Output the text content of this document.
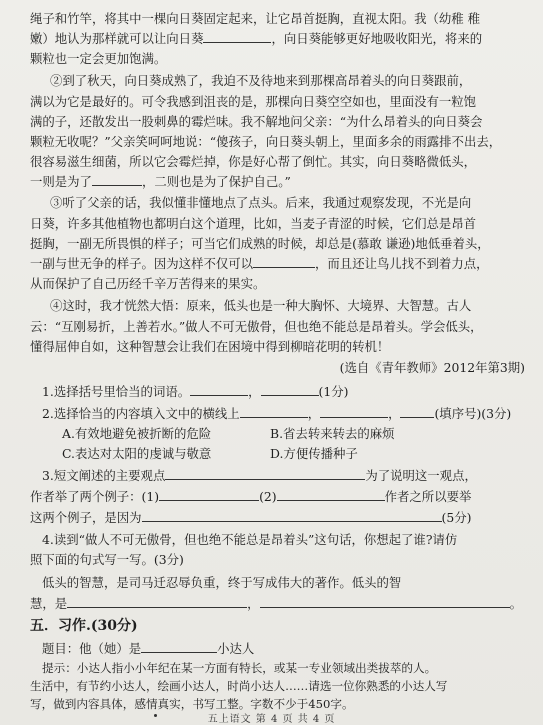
绳子和竹竿，将其中一棵向日葵固定起来，让它昂首挺胸，直视太阳。我（幼稚 稚
嫩）地认为那样就可以让向日葵	，向日葵能够更好地吸收阳光，将来的
颗粒也一定会更加饱满。
②到了秋天，向日葵成熟了，我迫不及待地来到那棵高昂着头的向日葵跟前，
满以为它是最好的。可令我感到沮丧的是，那棵向日葵空空如也，里面没有一粒饱
满的子，还散发出一股刺鼻的霉烂味。我不解地问父亲：“为什么昂着头的向日葵会
颗粒无收呢？”父亲笑呵呵地说：“傻孩子，向日葵头朝上，里面多余的雨露排不出去，
很容易滋生细菌，所以它会霉烂掉，你是好心帮了倒忙。其实，向日葵略微低头，
一则是为了	，二则也是为了保护自己。”
③听了父亲的话，我似懂非懂地点了点头。后来，我通过观察发现，不光是向
日葵，许多其他植物也都明白这个道理，比如，当麦子青涩的时候，它们总是昂首
挺胸，一副无所畏惧的样子；可当它们成熟的时候，却总是(慕敢 谦逊)地低垂着头，
一副与世无争的样子。因为这样不仅可以	，而且还让鸟儿找不到着力点，
从而保护了自己历经千辛万苦得来的果实。
④这时，我才恍然大悟：原来，低头也是一种大胸怀、大境界、大智慧。古人
云：“互刚易折，上善若水。”做人不可无傲骨，但也绝不能总是昂着头。学会低头，
懂得屈伸自如，这种智慧会让我们在困境中得到柳暗花明的转机！
(选自《青年教师》2012年第3期)
1.选择括号里恰当的词语。	，	(1分)
2.选择恰当的内容填入文中的横线上	，	，	(填序号)(3分)
A.有效地避免被折断的危险	B.省去转来转去的麻烦
C.表达对太阳的虔诚与敬意	D.方便传播种子
3.短文阐述的主要观点	为了说明这一观点，
作者举了两个例子：(1)	(2)	作者之所以要举
这两个例子，是因为	(5分)
4.读到“做人不可无傲骨，但也绝不能总是昂着头”这句话，你想起了谁?请仿
照下面的句式写一写。(3分)
低头的智慧，是司马迁忍辱负重，终于写成伟大的著作。低头的智
慧，是	，	。
五．习作.(30分)
题目：他（她）是	小达人
提示：小达人指小小年纪在某一方面有特长，或某一专业领域出类拔萃的人。
生活中，有节约小达人，绘画小达人，时尚小达人……请选一位你熟悉的小达人写
写，做到内容具体，感情真实，书写工整。字数不少于450字。
五上语文 第 4 页 共 4 页
